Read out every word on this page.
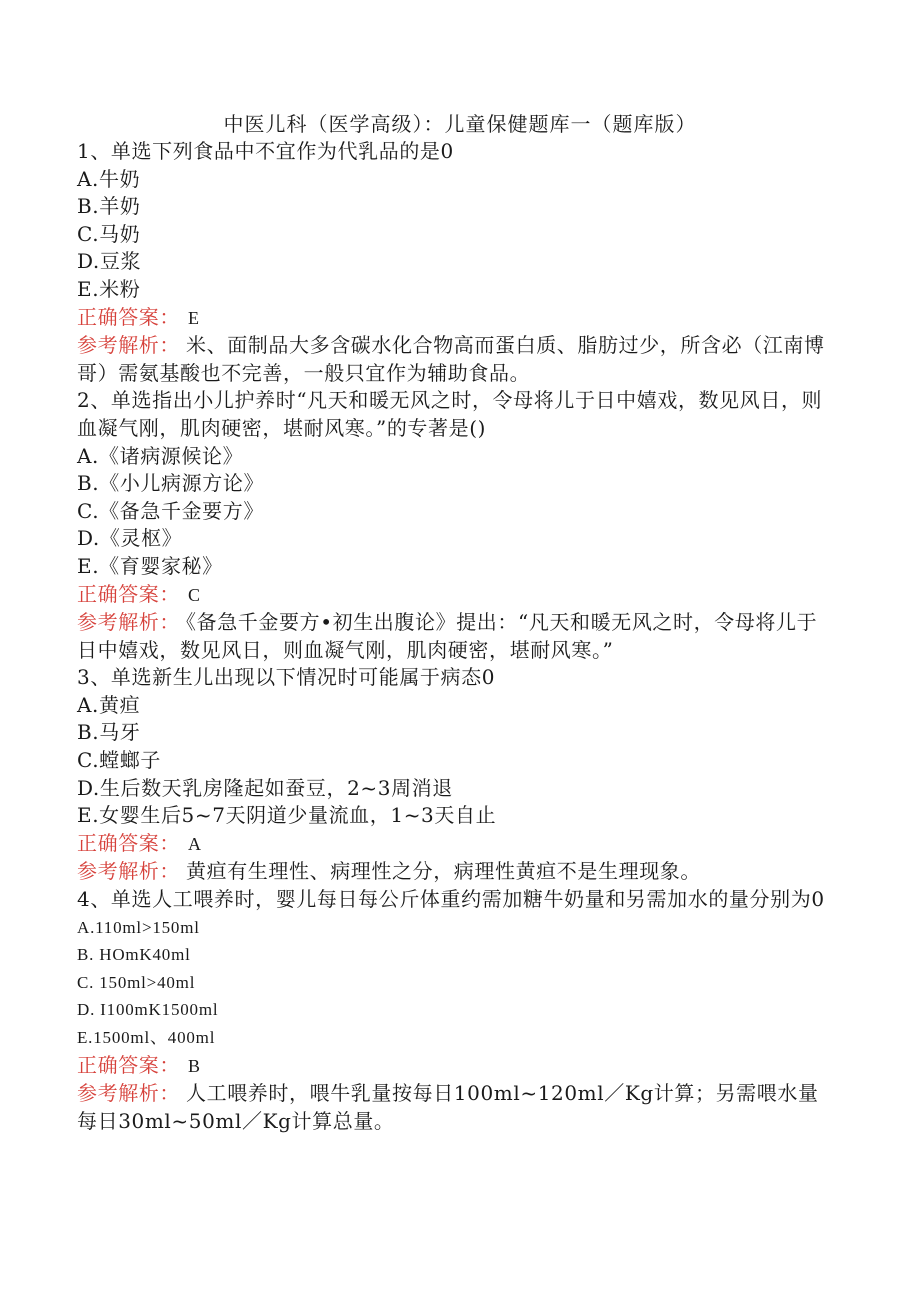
中医儿科（医学高级）：儿童保健题库一（题库版）
1、单选下列食品中不宜作为代乳品的是0
A.牛奶
B.羊奶
C.马奶
D.豆浆
E.米粉
正确答案： E
参考解析： 米、面制品大多含碳水化合物高而蛋白质、脂肪过少，所含必（江南博哥）需氨基酸也不完善，一般只宜作为辅助食品。
2、单选指出小儿护养时“凡天和暖无风之时，令母将儿于日中嬉戏，数见风日，则血凝气刚，肌肉硬密，堪耐风寒。”的专著是()
A.《诸病源候论》
B.《小儿病源方论》
C.《备急千金要方》
D.《灵枢》
E.《育婴家秘》
正确答案： C
参考解析： 《备急千金要方•初生出腹论》提出：“凡天和暖无风之时，令母将儿于日中嬉戏，数见风日，则血凝气刚，肌肉硬密，堪耐风寒。”
3、单选新生儿出现以下情况时可能属于病态0
A.黄疸
B.马牙
C.螳螂子
D.生后数天乳房隆起如蚕豆，2~3周消退
E.女婴生后5~7天阴道少量流血，1~3天自止
正确答案： A
参考解析： 黄疸有生理性、病理性之分，病理性黄疸不是生理现象。
4、单选人工喂养时，婴儿每日每公斤体重约需加糖牛奶量和另需加水的量分别为0
A.110ml>150ml
B. HOmK40ml
C. 150ml>40ml
D. I100mK1500ml
E.1500ml、400ml
正确答案： B
参考解析： 人工喂养时，喂牛乳量按每日100ml~120ml／Kg计算；另需喂水量每日30ml~50ml／Kg计算总量。
